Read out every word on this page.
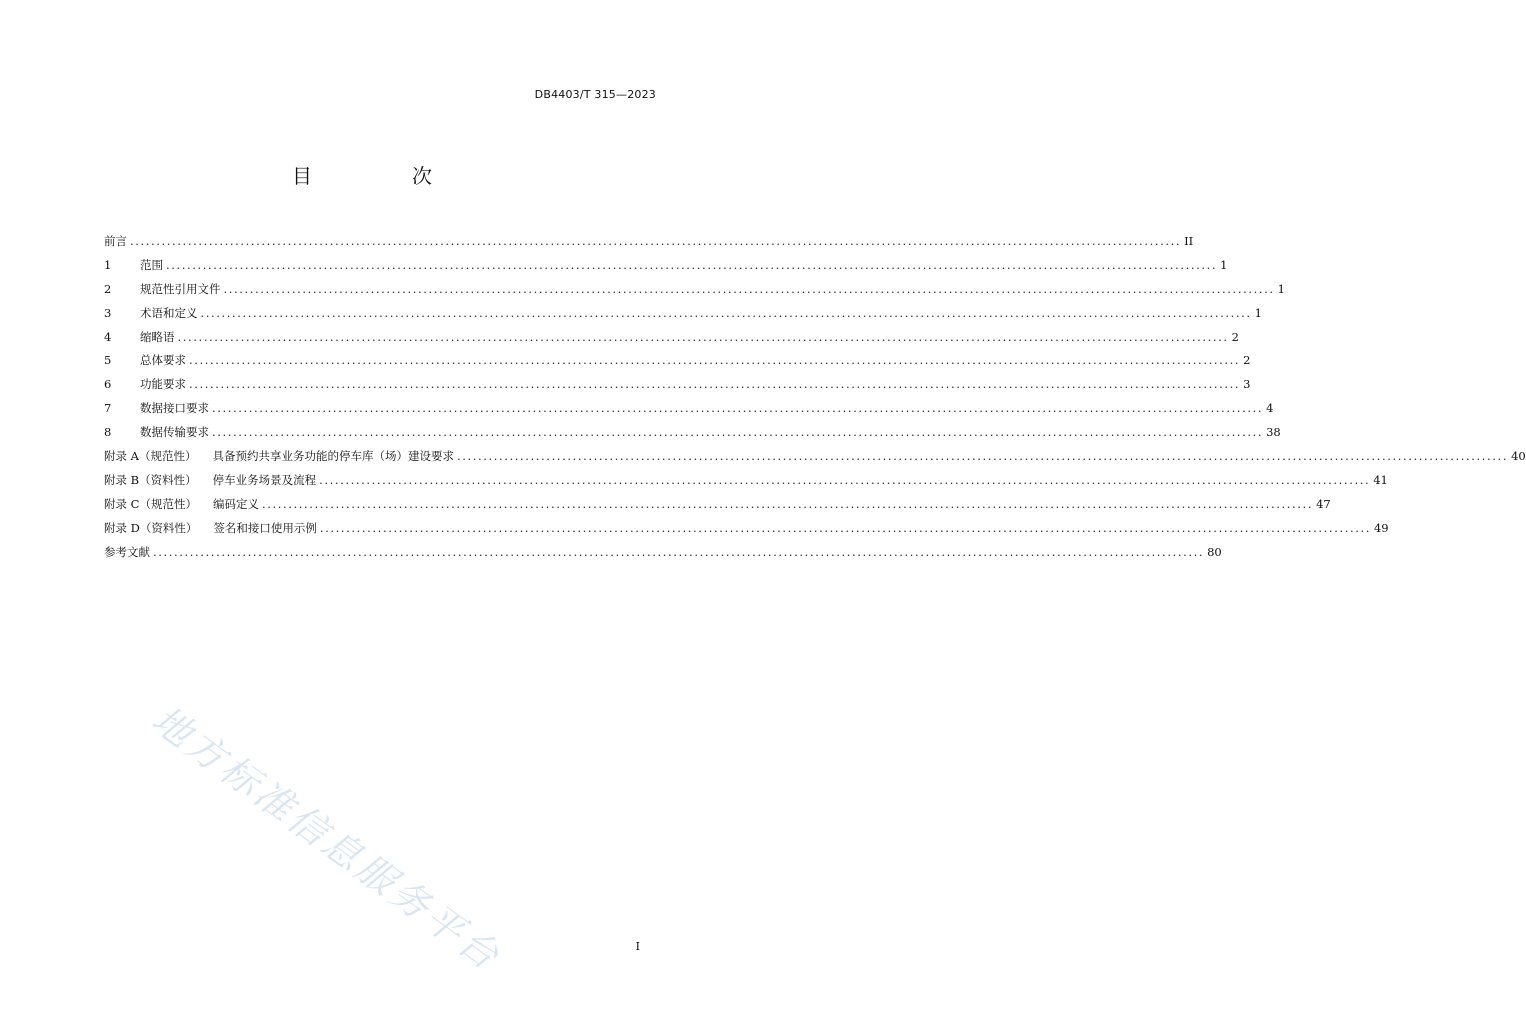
DB4403/T 315—2023
目　次
前言 ........................................................................................................................................................................................................ II
1 范围 ........................................................................................................................................................................................................ 1
2 规范性引用文件 ........................................................................................................................................................................................................ 1
3 术语和定义 ........................................................................................................................................................................................................ 1
4 缩略语 ........................................................................................................................................................................................................ 2
5 总体要求 ........................................................................................................................................................................................................ 2
6 功能要求 ........................................................................................................................................................................................................ 3
7 数据接口要求 ........................................................................................................................................................................................................ 4
8 数据传输要求 ........................................................................................................................................................................................................ 38
附录 A（规范性） 具备预约共享业务功能的停车库（场）建设要求 ........................................................................................................................................................................................................ 40
附录 B（资料性） 停车业务场景及流程 ........................................................................................................................................................................................................ 41
附录 C（规范性） 编码定义 ........................................................................................................................................................................................................ 47
附录 D（资料性） 签名和接口使用示例 ........................................................................................................................................................................................................ 49
参考文献 ........................................................................................................................................................................................................ 80
地方标准信息服务平台	I
